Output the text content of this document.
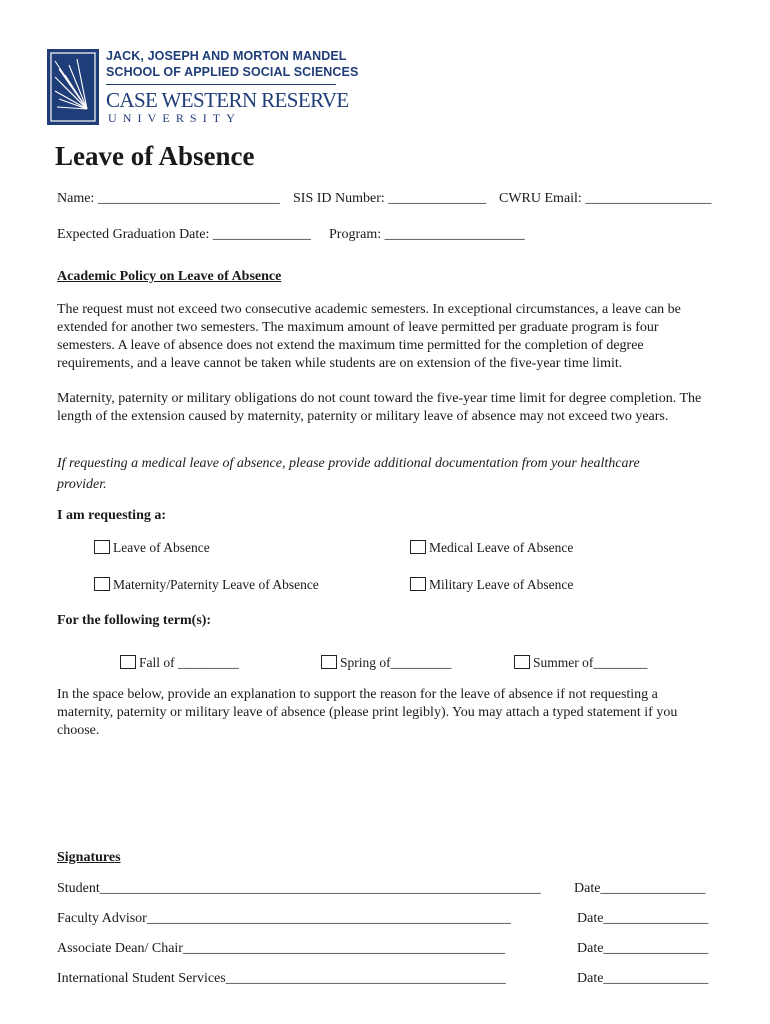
JACK, JOSEPH AND MORTON MANDEL
SCHOOL OF APPLIED SOCIAL SCIENCES
CASE WESTERN RESERVE
UNIVERSITY
Leave of Absence
Name: __________________________ SIS ID Number: ______________ CWRU Email: __________________
Expected Graduation Date: ______________ Program: ____________________
Academic Policy on Leave of Absence
The request must not exceed two consecutive academic semesters. In exceptional circumstances, a leave can be extended for another two semesters. The maximum amount of leave permitted per graduate program is four semesters. A leave of absence does not extend the maximum time permitted for the completion of degree requirements, and a leave cannot be taken while students are on extension of the five-year time limit.
Maternity, paternity or military obligations do not count toward the five-year time limit for degree completion. The length of the extension caused by maternity, paternity or military leave of absence may not exceed two years.
If requesting a medical leave of absence, please provide additional documentation from your healthcare provider.
I am requesting a:
Leave of Absence	Medical Leave of Absence
Maternity/Paternity Leave of Absence	Military Leave of Absence
For the following term(s):
Fall of _________	Spring of_________	Summer of________
In the space below, provide an explanation to support the reason for the leave of absence if not requesting a maternity, paternity or military leave of absence (please print legibly). You may attach a typed statement if you choose.
Signatures
Student_______________________________________________________________ Date_______________
Faculty Advisor____________________________________________________	Date_______________
Associate Dean/ Chair______________________________________________	Date_______________
International Student Services________________________________________	Date_______________
